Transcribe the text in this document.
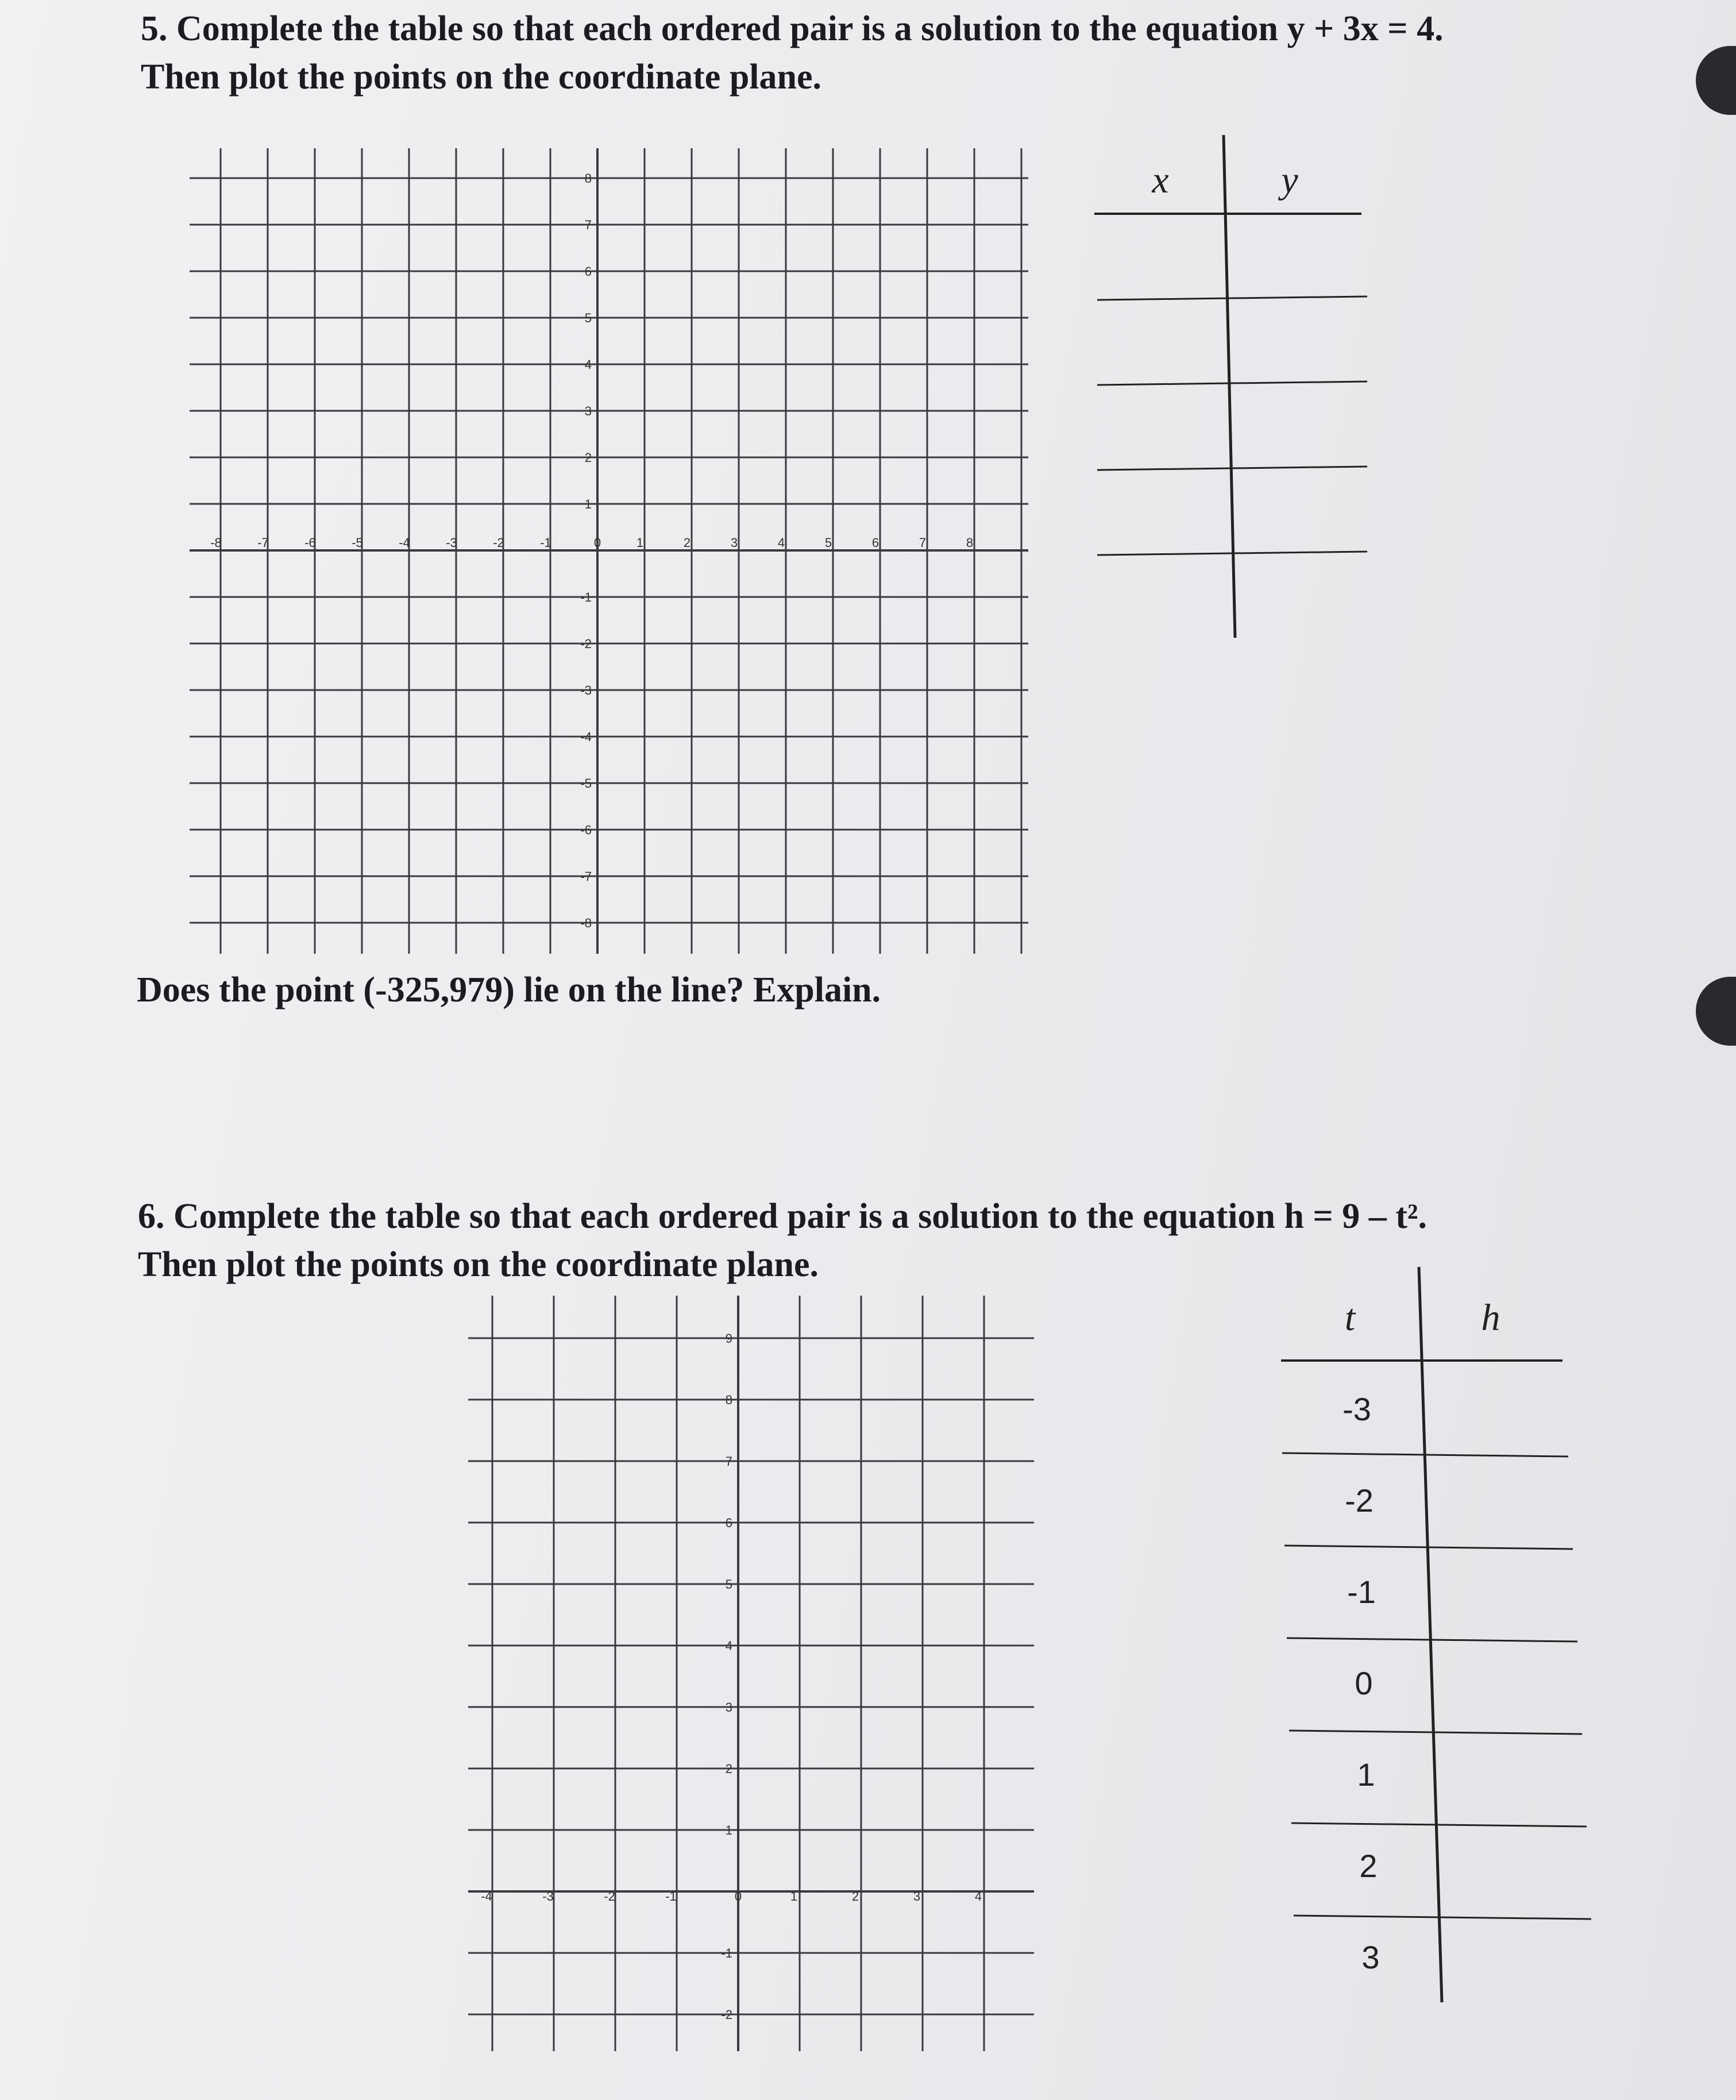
5. Complete the table so that each ordered pair is a solution to the equation y + 3x = 4.
Then plot the points on the coordinate plane.

Does the point (-325,979) lie on the line? Explain.

6. Complete the table so that each ordered pair is a solution to the equation h = 9 – t².
Then plot the points on the coordinate plane.

-8	-7	-6	-5	-4	-3	-2	-1	0	1	2	3	4	5	6	7	8
8
7
6
5
4
3
2
1
-1
-2
-3
-4
-5
-6
-7
-8
x	y
-4	-3	-2	-1	0	1	2	3	4
9
8
7
6
5
4
3
2
1
-1
-2
t	h
-3
-2
-1
0
1
2
3
